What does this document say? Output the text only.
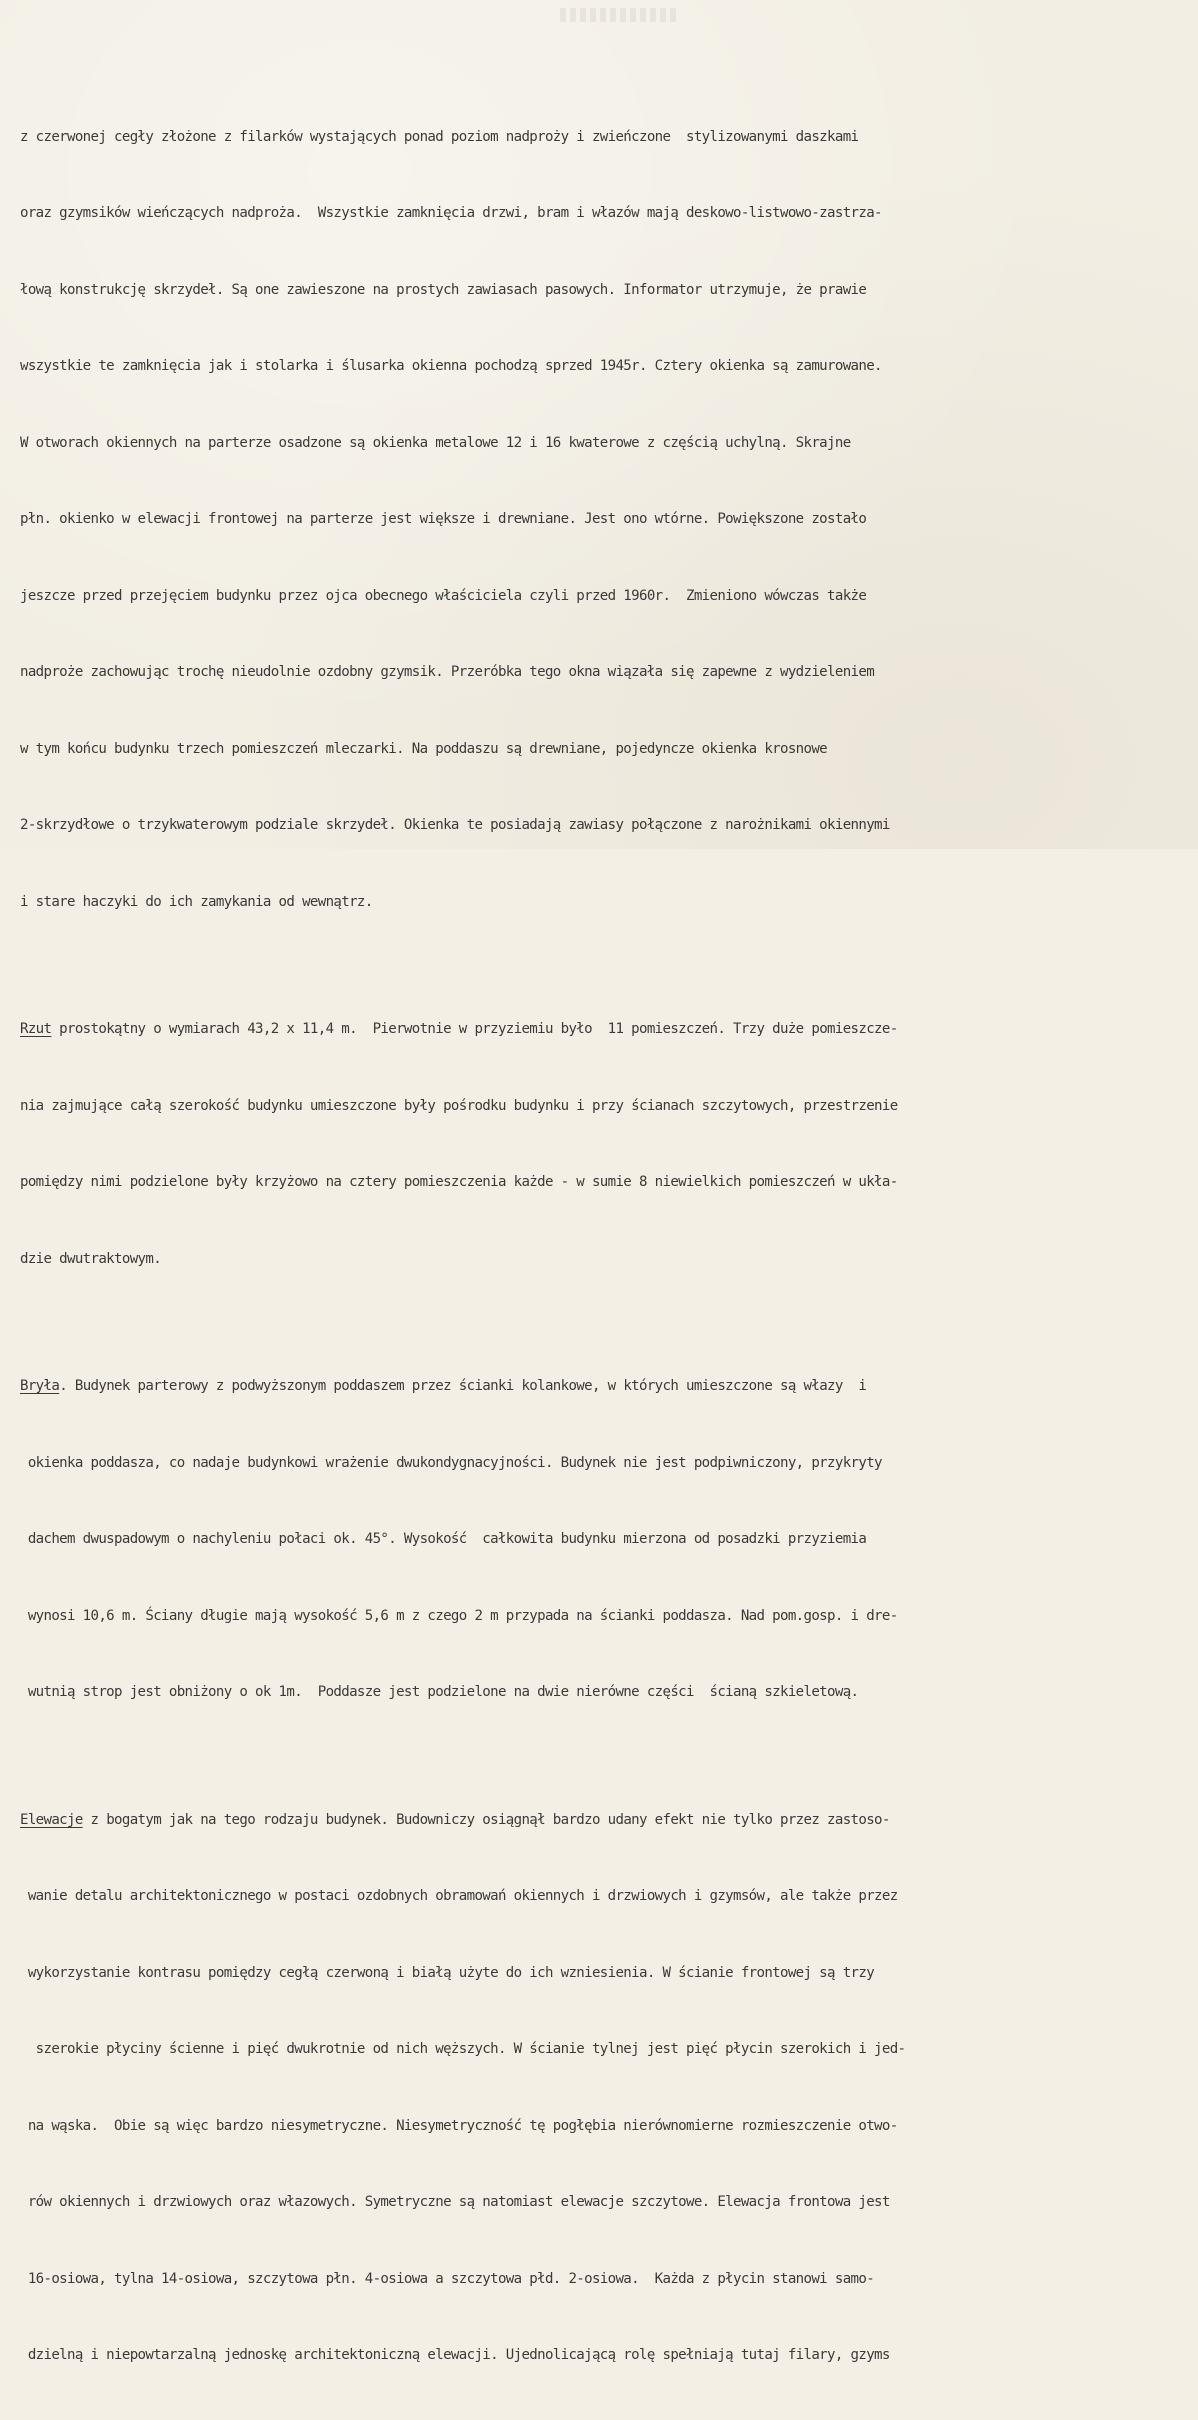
z czerwonej cegły złożone z filarków wystających ponad poziom nadproży i zwieńczone  stylizowanymi daszkami

oraz gzymsików wieńczących nadproża.  Wszystkie zamknięcia drzwi, bram i włazów mają deskowo-listwowo-zastrza-

łową konstrukcję skrzydeł. Są one zawieszone na prostych zawiasach pasowych. Informator utrzymuje, że prawie

wszystkie te zamknięcia jak i stolarka i ślusarka okienna pochodzą sprzed 1945r. Cztery okienka są zamurowane.

W otworach okiennych na parterze osadzone są okienka metalowe 12 i 16 kwaterowe z częścią uchylną. Skrajne

płn. okienko w elewacji frontowej na parterze jest większe i drewniane. Jest ono wtórne. Powiększone zostało

jeszcze przed przejęciem budynku przez ojca obecnego właściciela czyli przed 1960r.  Zmieniono wówczas także

nadproże zachowując trochę nieudolnie ozdobny gzymsik. Przeróbka tego okna wiązała się zapewne z wydzieleniem

w tym końcu budynku trzech pomieszczeń mleczarki. Na poddaszu są drewniane, pojedyncze okienka krosnowe

2-skrzydłowe o trzykwaterowym podziale skrzydeł. Okienka te posiadają zawiasy połączone z narożnikami okiennymi

i stare haczyki do ich zamykania od wewnątrz.

Rzut prostokątny o wymiarach 43,2 x 11,4 m.  Pierwotnie w przyziemiu było  11 pomieszczeń. Trzy duże pomieszcze-

nia zajmujące całą szerokość budynku umieszczone były pośrodku budynku i przy ścianach szczytowych, przestrzenie

pomiędzy nimi podzielone były krzyżowo na cztery pomieszczenia każde - w sumie 8 niewielkich pomieszczeń w ukła-

dzie dwutraktowym.

Bryła. Budynek parterowy z podwyższonym poddaszem przez ścianki kolankowe, w których umieszczone są włazy  i

okienka poddasza, co nadaje budynkowi wrażenie dwukondygnacyjności. Budynek nie jest podpiwniczony, przykryty

dachem dwuspadowym o nachyleniu połaci ok. 45°. Wysokość  całkowita budynku mierzona od posadzki przyziemia

wynosi 10,6 m. Ściany długie mają wysokość 5,6 m z czego 2 m przypada na ścianki poddasza. Nad pom.gosp. i dre-

wutnią strop jest obniżony o ok 1m.  Poddasze jest podzielone na dwie nierówne części  ścianą szkieletową.

Elewacje z bogatym jak na tego rodzaju budynek. Budowniczy osiągnął bardzo udany efekt nie tylko przez zastoso-

wanie detalu architektonicznego w postaci ozdobnych obramowań okiennych i drzwiowych i gzymsów, ale także przez

wykorzystanie kontrasu pomiędzy cegłą czerwoną i białą użyte do ich wzniesienia. W ścianie frontowej są trzy

szerokie płyciny ścienne i pięć dwukrotnie od nich węższych. W ścianie tylnej jest pięć płycin szerokich i jed-

na wąska.  Obie są więc bardzo niesymetryczne. Niesymetryczność tę pogłębia nierównomierne rozmieszczenie otwo-

rów okiennych i drzwiowych oraz włazowych. Symetryczne są natomiast elewacje szczytowe. Elewacja frontowa jest

16-osiowa, tylna 14-osiowa, szczytowa płn. 4-osiowa a szczytowa płd. 2-osiowa.  Każda z płycin stanowi samo-

dzielną i niepowtarzalną jednoskę architektoniczną elewacji. Ujednolicającą rolę spełniają tutaj filary, gzyms
